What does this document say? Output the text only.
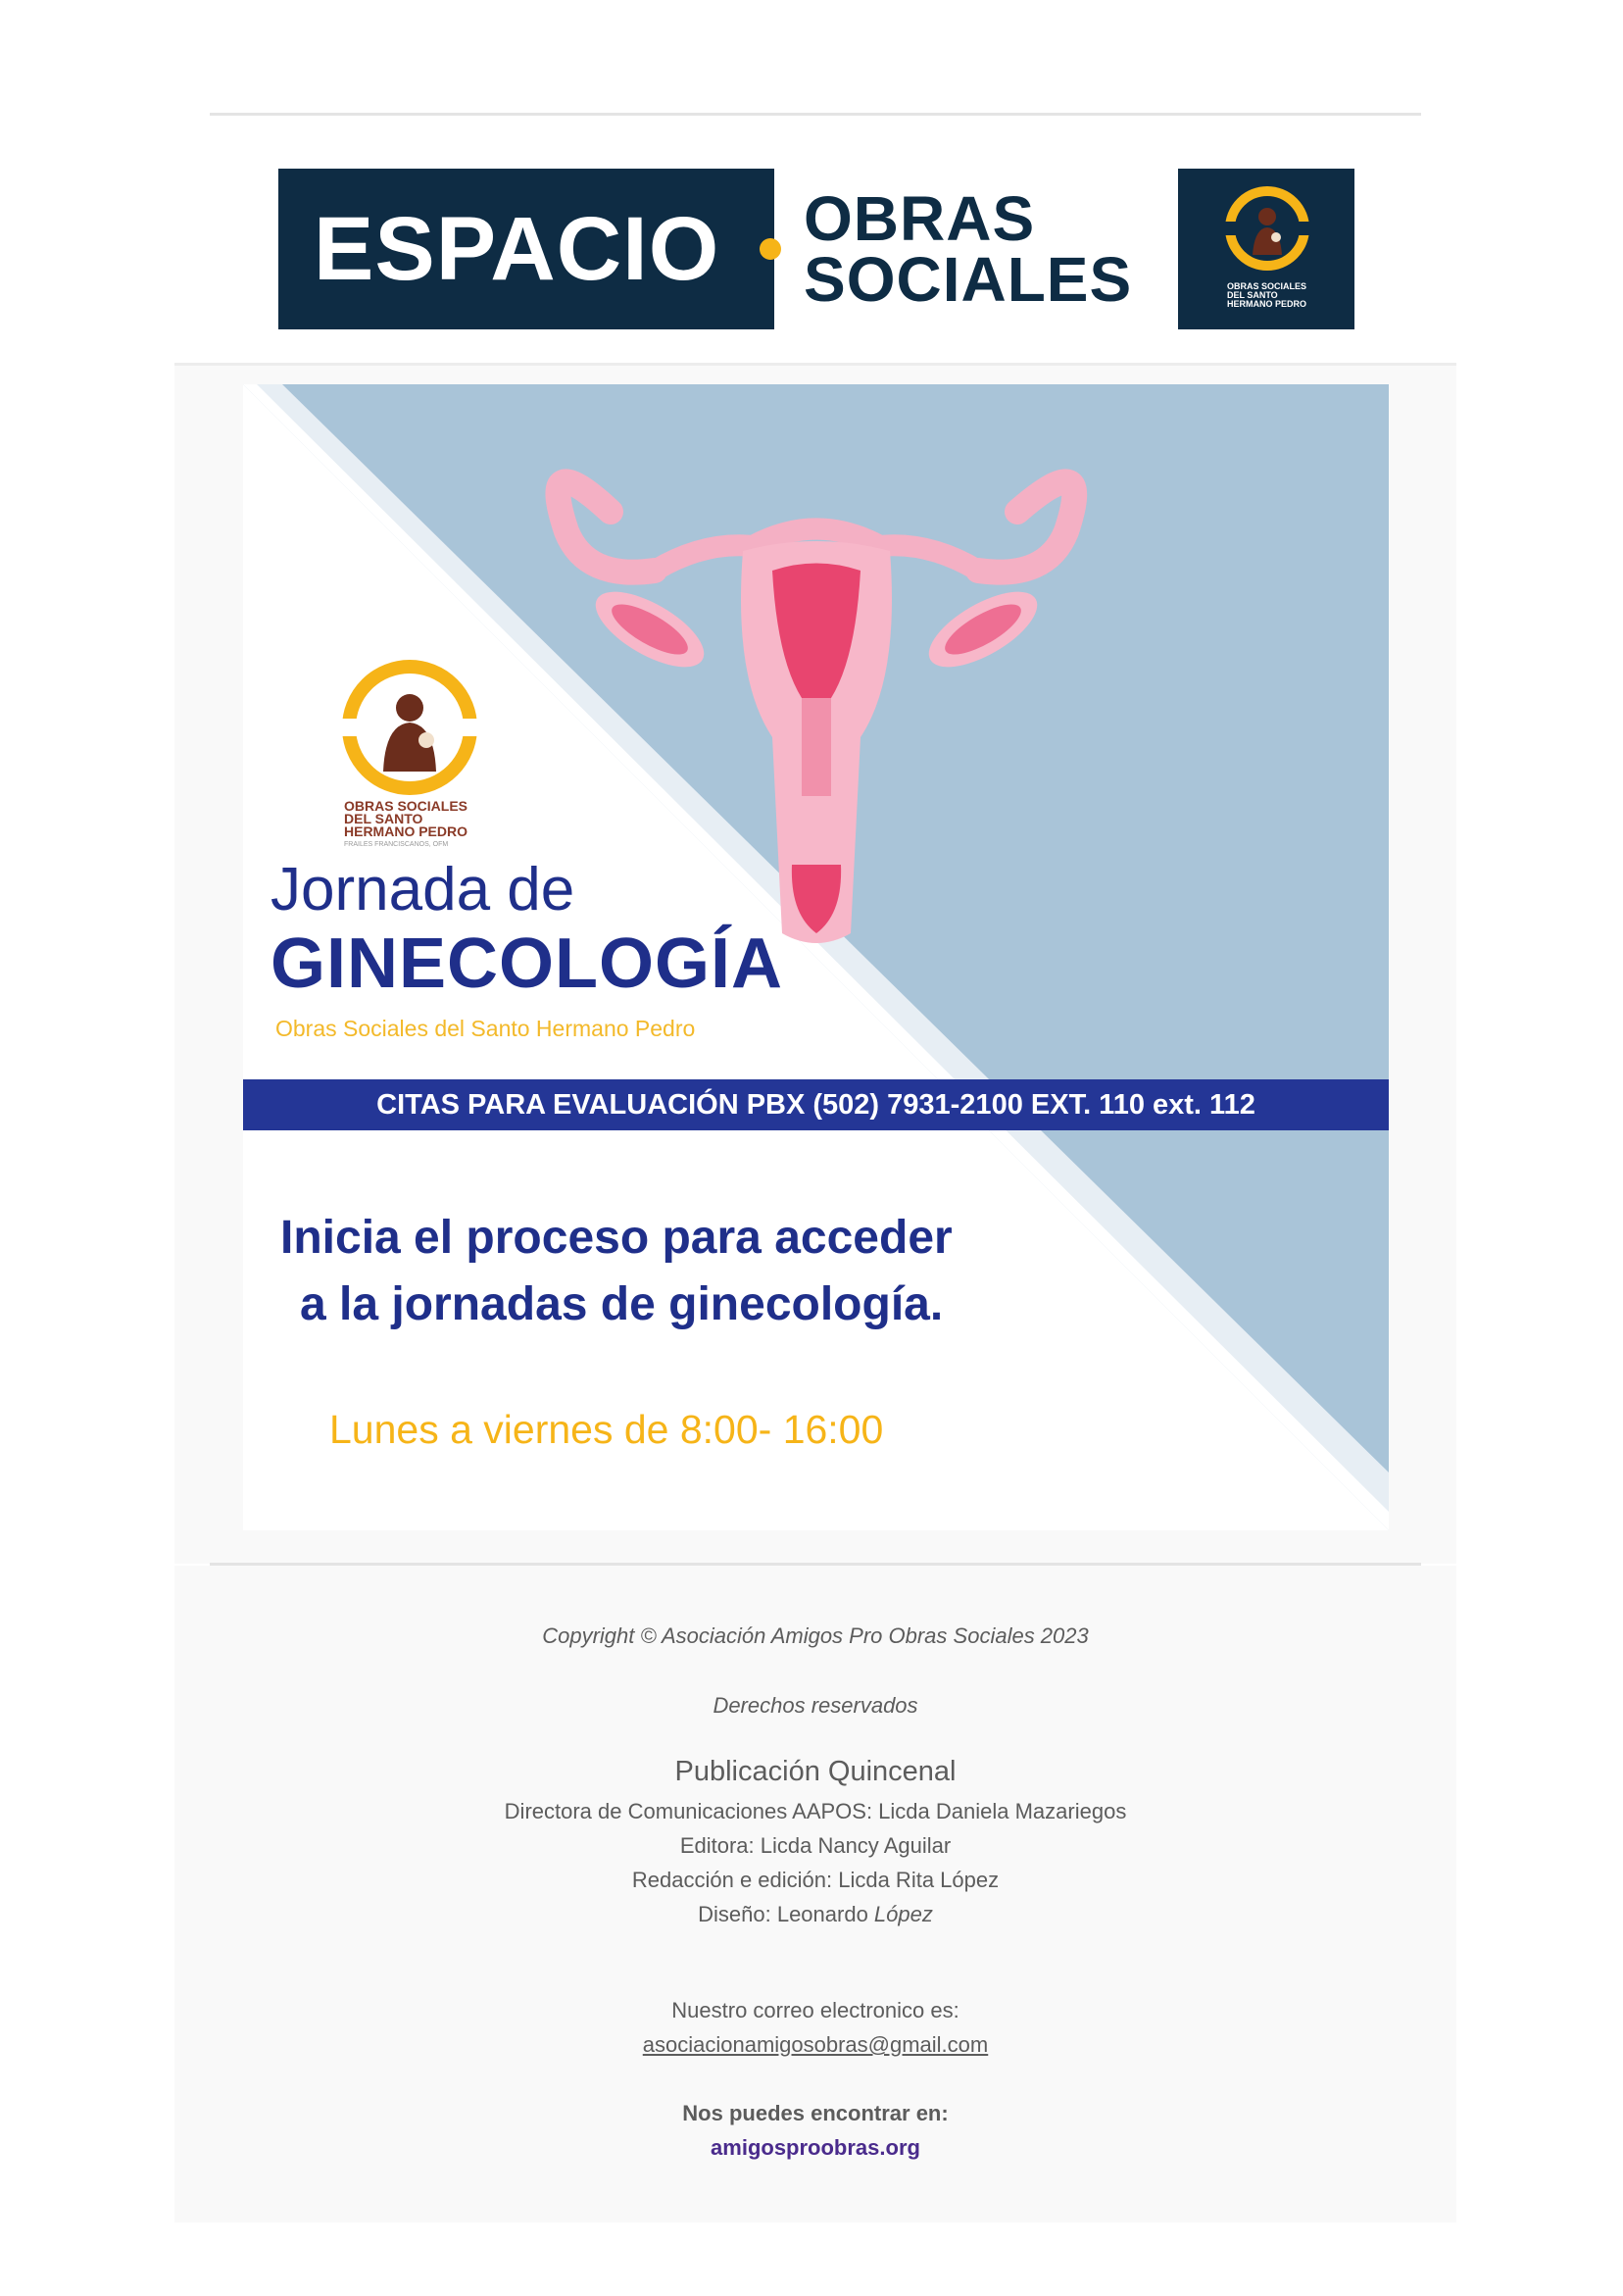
ESPACIO OBRAS
SOCIALES	OBRAS SOCIALES
DEL SANTO
HERMANO PEDRO
OBRAS SOCIALES
DEL SANTO
HERMANO PEDRO
FRAILES FRANCISCANOS, OFM
Jornada de
GINECOLOGÍA
Obras Sociales del Santo Hermano Pedro
CITAS PARA EVALUACIÓN PBX (502) 7931-2100 EXT. 110 ext. 112
Inicia el proceso para acceder
a la jornadas de ginecología.
Lunes a viernes de 8:00- 16:00
Copyright © Asociación Amigos Pro Obras Sociales 2023
Derechos reservados
Publicación Quincenal
Directora de Comunicaciones AAPOS: Licda Daniela Mazariegos
Editora: Licda Nancy Aguilar
Redacción e edición: Licda Rita López
Diseño: Leonardo López
Nuestro correo electronico es:
asociacionamigosobras@gmail.com
Nos puedes encontrar en:
amigosproobras.org
